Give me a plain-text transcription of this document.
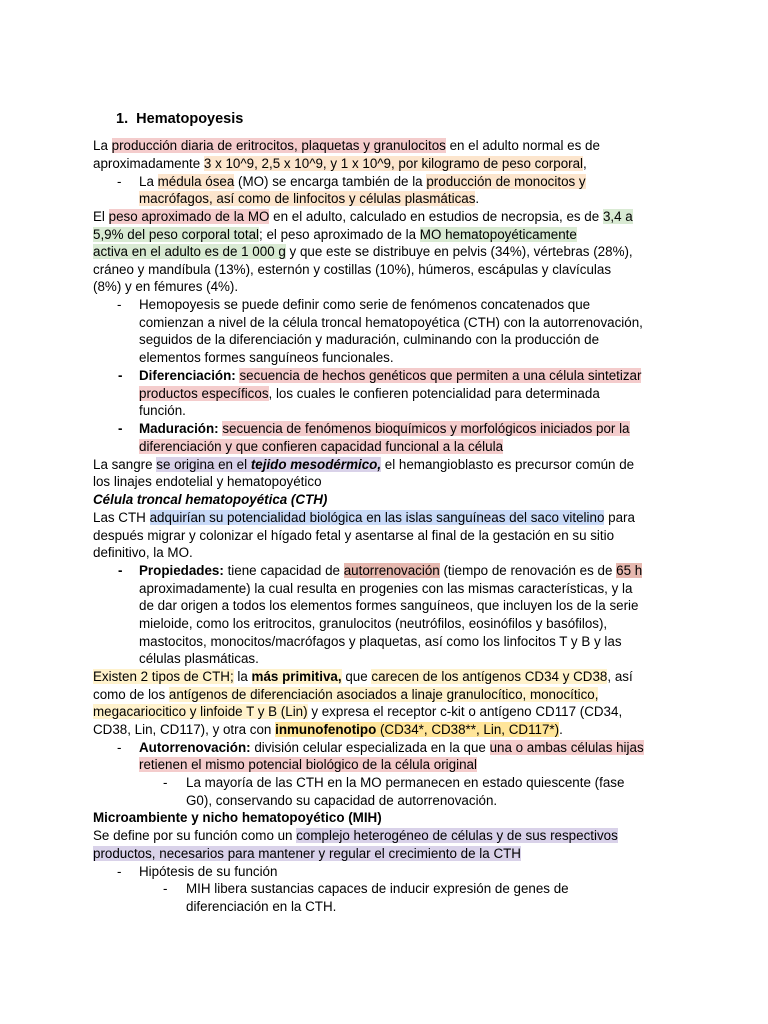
1. Hematopoyesis
La producción diaria de eritrocitos, plaquetas y granulocitos en el adulto normal es de
aproximadamente 3 x 10^9, 2,5 x 10^9, y 1 x 10^9, por kilogramo de peso corporal,
- La médula ósea (MO) se encarga también de la producción de monocitos y
macrófagos, así como de linfocitos y células plasmáticas.
El peso aproximado de la MO en el adulto, calculado en estudios de necropsia, es de 3,4 a
5,9% del peso corporal total; el peso aproximado de la MO hematopoyéticamente
activa en el adulto es de 1 000 g y que este se distribuye en pelvis (34%), vértebras (28%),
cráneo y mandíbula (13%), esternón y costillas (10%), húmeros, escápulas y clavículas
(8%) y en fémures (4%).
- Hemopoyesis se puede definir como serie de fenómenos concatenados que
comienzan a nivel de la célula troncal hematopoyética (CTH) con la autorrenovación,
seguidos de la diferenciación y maduración, culminando con la producción de
elementos formes sanguíneos funcionales.
- Diferenciación: secuencia de hechos genéticos que permiten a una célula sintetizar
productos específicos, los cuales le confieren potencialidad para determinada
función.
- Maduración: secuencia de fenómenos bioquímicos y morfológicos iniciados por la
diferenciación y que confieren capacidad funcional a la célula
La sangre se origina en el tejido mesodérmico, el hemangioblasto es precursor común de
los linajes endotelial y hematopoyético
Célula troncal hematopoyética (CTH)
Las CTH adquirían su potencialidad biológica en las islas sanguíneas del saco vitelino para
después migrar y colonizar el hígado fetal y asentarse al final de la gestación en su sitio
definitivo, la MO.
- Propiedades: tiene capacidad de autorrenovación (tiempo de renovación es de 65 h
aproximadamente) la cual resulta en progenies con las mismas características, y la
de dar origen a todos los elementos formes sanguíneos, que incluyen los de la serie
mieloide, como los eritrocitos, granulocitos (neutrófilos, eosinófilos y basófilos),
mastocitos, monocitos/macrófagos y plaquetas, así como los linfocitos T y B y las
células plasmáticas.
Existen 2 tipos de CTH; la más primitiva, que carecen de los antígenos CD34 y CD38, así
como de los antígenos de diferenciación asociados a linaje granulocítico, monocítico,
megacariocitico y linfoide T y B (Lin) y expresa el receptor c-kit o antígeno CD117 (CD34,
CD38, Lin, CD117), y otra con inmunofenotipo (CD34*, CD38**, Lin, CD117*).
- Autorrenovación: división celular especializada en la que una o ambas células hijas
retienen el mismo potencial biológico de la célula original
- La mayoría de las CTH en la MO permanecen en estado quiescente (fase
G0), conservando su capacidad de autorrenovación.
Microambiente y nicho hematopoyético (MIH)
Se define por su función como un complejo heterogéneo de células y de sus respectivos
productos, necesarios para mantener y regular el crecimiento de la CTH
- Hipótesis de su función
- MIH libera sustancias capaces de inducir expresión de genes de
diferenciación en la CTH.
